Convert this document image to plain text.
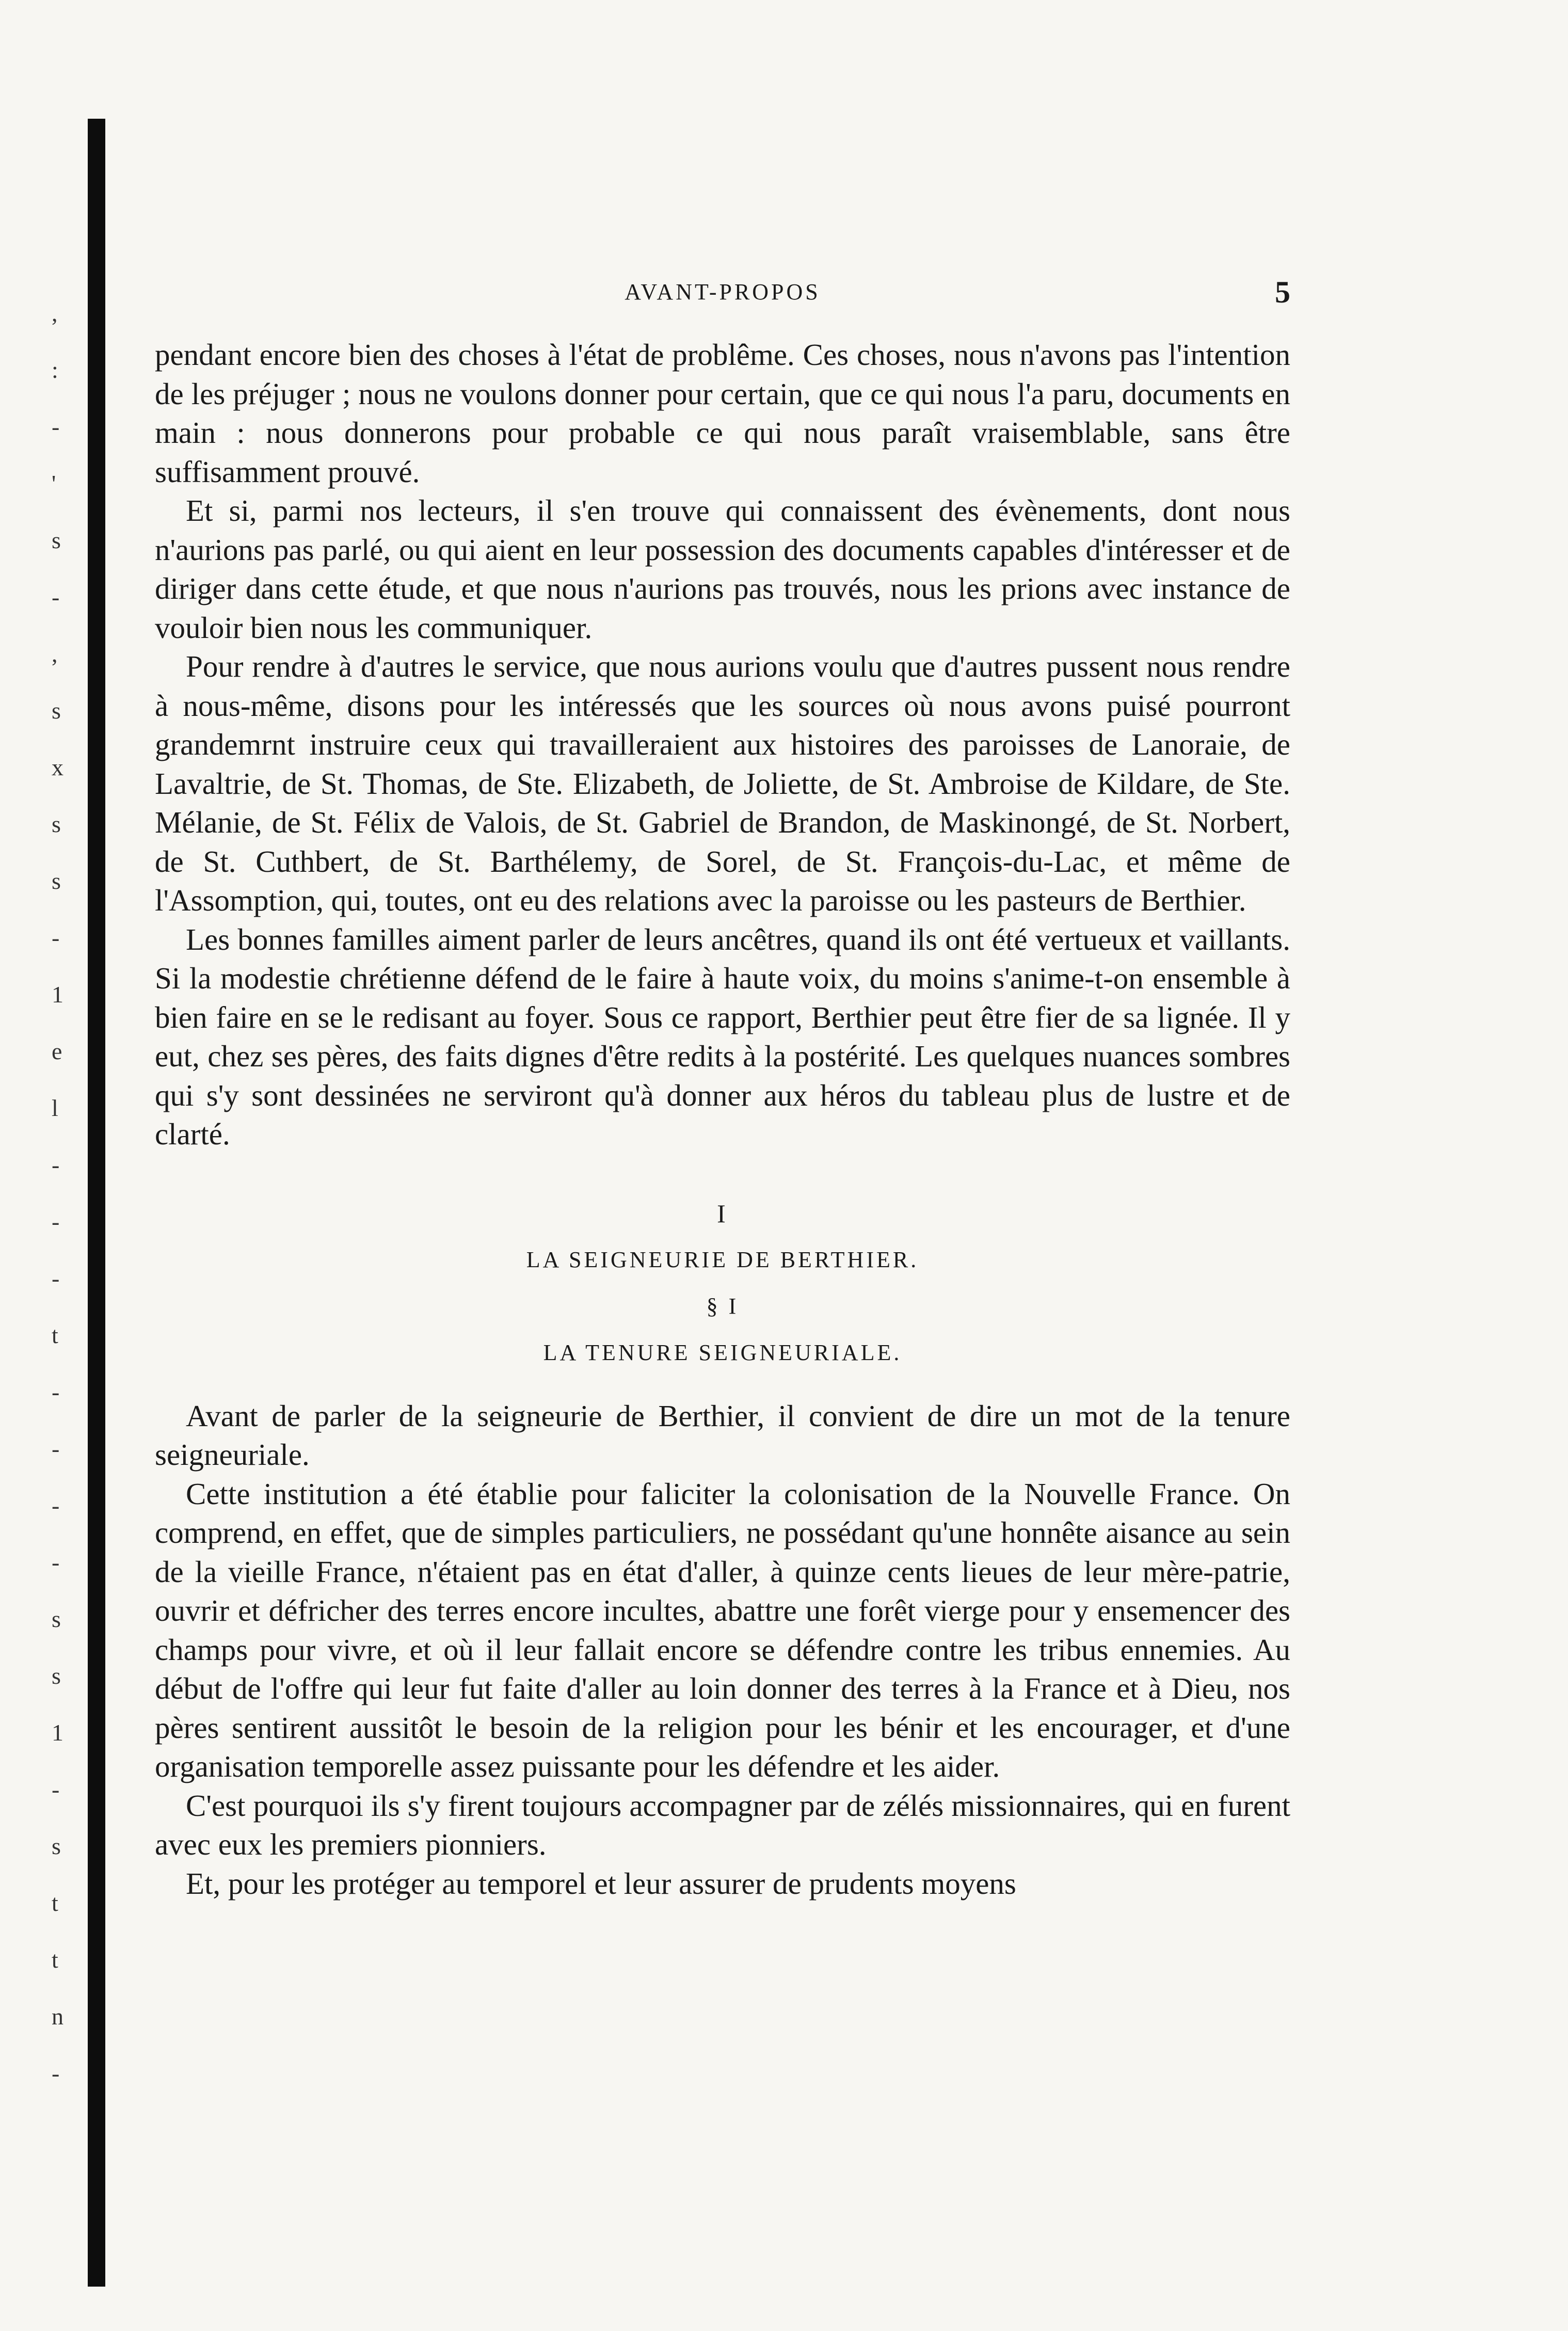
,
:
-
'
s
-
,
s
x
s
s
-
1
e
l
-
-
-
t
-
-
-
-
s
s
1
-
s
t
t
n
-
AVANT-PROPOS	5

pendant encore bien des choses à l'état de problême. Ces choses, nous n'avons pas l'intention de les préjuger ; nous ne voulons donner pour certain, que ce qui nous l'a paru, documents en main : nous donnerons pour probable ce qui nous paraît vraisemblable, sans être suffisamment prouvé.

Et si, parmi nos lecteurs, il s'en trouve qui connaissent des évènements, dont nous n'aurions pas parlé, ou qui aient en leur possession des documents capables d'intéresser et de diriger dans cette étude, et que nous n'aurions pas trouvés, nous les prions avec instance de vouloir bien nous les communiquer.

Pour rendre à d'autres le service, que nous aurions voulu que d'autres pussent nous rendre à nous-même, disons pour les intéressés que les sources où nous avons puisé pourront grandemrnt instruire ceux qui travailleraient aux histoires des paroisses de Lanoraie, de Lavaltrie, de St. Thomas, de Ste. Elizabeth, de Joliette, de St. Ambroise de Kildare, de Ste. Mélanie, de St. Félix de Valois, de St. Gabriel de Brandon, de Maskinongé, de St. Norbert, de St. Cuthbert, de St. Barthélemy, de Sorel, de St. François-du-Lac, et même de l'Assomption, qui, toutes, ont eu des relations avec la paroisse ou les pasteurs de Berthier.

Les bonnes familles aiment parler de leurs ancêtres, quand ils ont été vertueux et vaillants. Si la modestie chrétienne défend de le faire à haute voix, du moins s'anime-t-on ensemble à bien faire en se le redisant au foyer. Sous ce rapport, Berthier peut être fier de sa lignée. Il y eut, chez ses pères, des faits dignes d'être redits à la postérité. Les quelques nuances sombres qui s'y sont dessinées ne serviront qu'à donner aux héros du tableau plus de lustre et de clarté.

I
LA SEIGNEURIE DE BERTHIER.
§ I
LA TENURE SEIGNEURIALE.

Avant de parler de la seigneurie de Berthier, il convient de dire un mot de la tenure seigneuriale.

Cette institution a été établie pour faliciter la colonisation de la Nouvelle France. On comprend, en effet, que de simples particuliers, ne possédant qu'une honnête aisance au sein de la vieille France, n'étaient pas en état d'aller, à quinze cents lieues de leur mère-patrie, ouvrir et défricher des terres encore incultes, abattre une forêt vierge pour y ensemencer des champs pour vivre, et où il leur fallait encore se défendre contre les tribus ennemies. Au début de l'offre qui leur fut faite d'aller au loin donner des terres à la France et à Dieu, nos pères sentirent aussitôt le besoin de la religion pour les bénir et les encourager, et d'une organisation temporelle assez puissante pour les défendre et les aider.

C'est pourquoi ils s'y firent toujours accompagner par de zélés missionnaires, qui en furent avec eux les premiers pionniers.

Et, pour les protéger au temporel et leur assurer de prudents moyens
